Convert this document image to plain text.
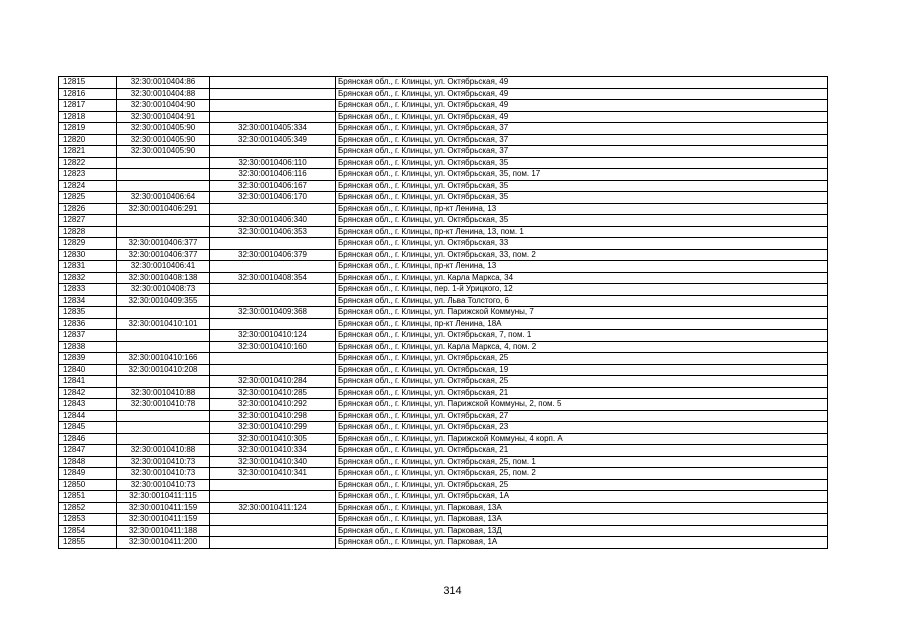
12815	32:30:0010404:86		Брянская обл., г. Клинцы, ул. Октябрьская, 49
12816	32:30:0010404:88		Брянская обл., г. Клинцы, ул. Октябрьская, 49
12817	32:30:0010404:90		Брянская обл., г. Клинцы, ул. Октябрьская, 49
12818	32:30:0010404:91		Брянская обл., г. Клинцы, ул. Октябрьская, 49
12819	32:30:0010405:90	32:30:0010405:334	Брянская обл., г. Клинцы, ул. Октябрьская, 37
12820	32:30:0010405:90	32:30:0010405:349	Брянская обл., г. Клинцы, ул. Октябрьская, 37
12821	32:30:0010405:90		Брянская обл., г. Клинцы, ул. Октябрьская, 37
12822		32:30:0010406:110	Брянская обл., г. Клинцы, ул. Октябрьская, 35
12823		32:30:0010406:116	Брянская обл., г. Клинцы, ул. Октябрьская, 35, пом. 17
12824		32:30:0010406:167	Брянская обл., г. Клинцы, ул. Октябрьская, 35
12825	32:30:0010406:64	32:30:0010406:170	Брянская обл., г. Клинцы, ул. Октябрьская, 35
12826	32:30:0010406:291		Брянская обл., г. Клинцы, пр-кт Ленина, 13
12827		32:30:0010406:340	Брянская обл., г. Клинцы, ул. Октябрьская, 35
12828		32:30:0010406:353	Брянская обл., г. Клинцы, пр-кт Ленина, 13, пом. 1
12829	32:30:0010406:377		Брянская обл., г. Клинцы, ул. Октябрьская, 33
12830	32:30:0010406:377	32:30:0010406:379	Брянская обл., г. Клинцы, ул. Октябрьская, 33, пом. 2
12831	32:30:0010406:41		Брянская обл., г. Клинцы, пр-кт Ленина, 13
12832	32:30:0010408:138	32:30:0010408:354	Брянская обл., г. Клинцы, ул. Карла Маркса, 34
12833	32:30:0010408:73		Брянская обл., г. Клинцы, пер. 1-й Урицкого, 12
12834	32:30:0010409:355		Брянская обл., г. Клинцы, ул. Льва Толстого, 6
12835		32:30:0010409:368	Брянская обл., г. Клинцы, ул. Парижской Коммуны, 7
12836	32:30:0010410:101		Брянская обл., г. Клинцы, пр-кт Ленина, 18А
12837		32:30:0010410:124	Брянская обл., г. Клинцы, ул. Октябрьская, 7, пом. 1
12838		32:30:0010410:160	Брянская обл., г. Клинцы, ул. Карла Маркса, 4, пом. 2
12839	32:30:0010410:166		Брянская обл., г. Клинцы, ул. Октябрьская, 25
12840	32:30:0010410:208		Брянская обл., г. Клинцы, ул. Октябрьская, 19
12841		32:30:0010410:284	Брянская обл., г. Клинцы, ул. Октябрьская, 25
12842	32:30:0010410:88	32:30:0010410:285	Брянская обл., г. Клинцы, ул. Октябрьская, 21
12843	32:30:0010410:78	32:30:0010410:292	Брянская обл., г. Клинцы, ул. Парижской Коммуны, 2, пом. 5
12844		32:30:0010410:298	Брянская обл., г. Клинцы, ул. Октябрьская, 27
12845		32:30:0010410:299	Брянская обл., г. Клинцы, ул. Октябрьская, 23
12846		32:30:0010410:305	Брянская обл., г. Клинцы, ул. Парижской Коммуны, 4 корп. А
12847	32:30:0010410:88	32:30:0010410:334	Брянская обл., г. Клинцы, ул. Октябрьская, 21
12848	32:30:0010410:73	32:30:0010410:340	Брянская обл., г. Клинцы, ул. Октябрьская, 25, пом. 1
12849	32:30:0010410:73	32:30:0010410:341	Брянская обл., г. Клинцы, ул. Октябрьская, 25, пом. 2
12850	32:30:0010410:73		Брянская обл., г. Клинцы, ул. Октябрьская, 25
12851	32:30:0010411:115		Брянская обл., г. Клинцы, ул. Октябрьская, 1А
12852	32:30:0010411:159	32:30:0010411:124	Брянская обл., г. Клинцы, ул. Парковая, 13А
12853	32:30:0010411:159		Брянская обл., г. Клинцы, ул. Парковая, 13А
12854	32:30:0010411:188		Брянская обл., г. Клинцы, ул. Парковая, 13Д
12855	32:30:0010411:200		Брянская обл., г. Клинцы, ул. Парковая, 1А
314
